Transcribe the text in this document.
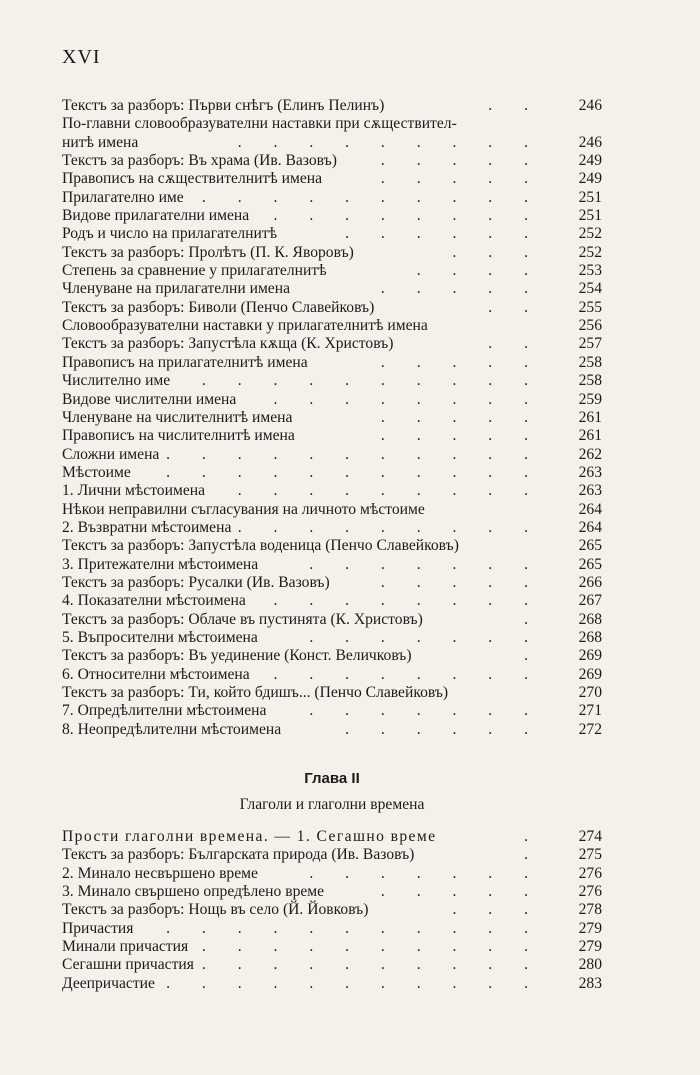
XVI
Текстъ за разборъ: Първи снѣгъ (Елинъ Пелинъ)	. . 246
По-главни словообразувателни наставки при сѫществител-
нитѣ имена	. . . . . . . . . 246
Текстъ за разборъ: Въ храма (Ив. Вазовъ)	. . . . . 249
Правописъ на сѫществителнитѣ имена	. . . . . 249
Прилагателно име . . . . . . . . . . 251
Видове прилагателни имена . . . . . . . . 251
Родъ и число на прилагателнитѣ	. . . . . . 252
Текстъ за разборъ: Пролѣтъ (П. К. Яворовъ)	. . . 252
Степень за сравнение у прилагателнитѣ	. . . . 253
Членуване на прилагателни имена	. . . . . 254
Текстъ за разборъ: Биволи (Пенчо Славейковъ)	. . 255
Словообразувателни наставки у прилагателнитѣ имена	256
Текстъ за разборъ: Запустѣла кѫща (К. Христовъ)	. . 257
Правописъ на прилагателнитѣ имена	. . . . . 258
Числително име . . . . . . . . . . 258
Видове числителни имена . . . . . . . . 259
Членуване на числителнитѣ имена	. . . . . 261
Правописъ на числителнитѣ имена	. . . . . 261
Сложни имена . . . . . . . . . . . 262
Мѣстоиме . . . . . . . . . . . 263
1. Лични мѣстоимена . . . . . . . . . 263
Нѣкои неправилни съгласувания на личното мѣстоиме	264
2. Възвратни мѣстоимена . . . . . . . . . 264
Текстъ за разборъ: Запустѣла воденица (Пенчо Славейковъ)	265
3. Притежателни мѣстоимена	. . . . . . . 265
Текстъ за разборъ: Русалки (Ив. Вазовъ)	. . . . . 266
4. Показателни мѣстоимена . . . . . . . . 267
Текстъ за разборъ: Облаче въ пустинята (К. Христовъ)	. 268
5. Въпросителни мѣстоимена	. . . . . . . 268
Текстъ за разборъ: Въ уединение (Конст. Величковъ)	. 269
6. Относителни мѣстоимена . . . . . . . . 269
Текстъ за разборъ: Ти, който бдишъ... (Пенчо Славейковъ)	270
7. Опредѣлителни мѣстоимена	. . . . . . . 271
8. Неопредѣлителни мѣстоимена	. . . . . . 272
Глава II
Глаголи и глаголни времена
Прости глаголни времена. — 1. Сегашно време	. 274
Текстъ за разборъ: Българската природа (Ив. Вазовъ)	. 275
2. Минало несвършено време	. . . . . . . 276
3. Минало свършено опредѣлено време	. . . . . 276
Текстъ за разборъ: Нощь въ село (Й. Йовковъ)	. . . 278
Причастия . . . . . . . . . . . 279
Минали причастия . . . . . . . . . . 279
Сегашни причастия . . . . . . . . . . 280
Деепричастие . . . . . . . . . . . 283
